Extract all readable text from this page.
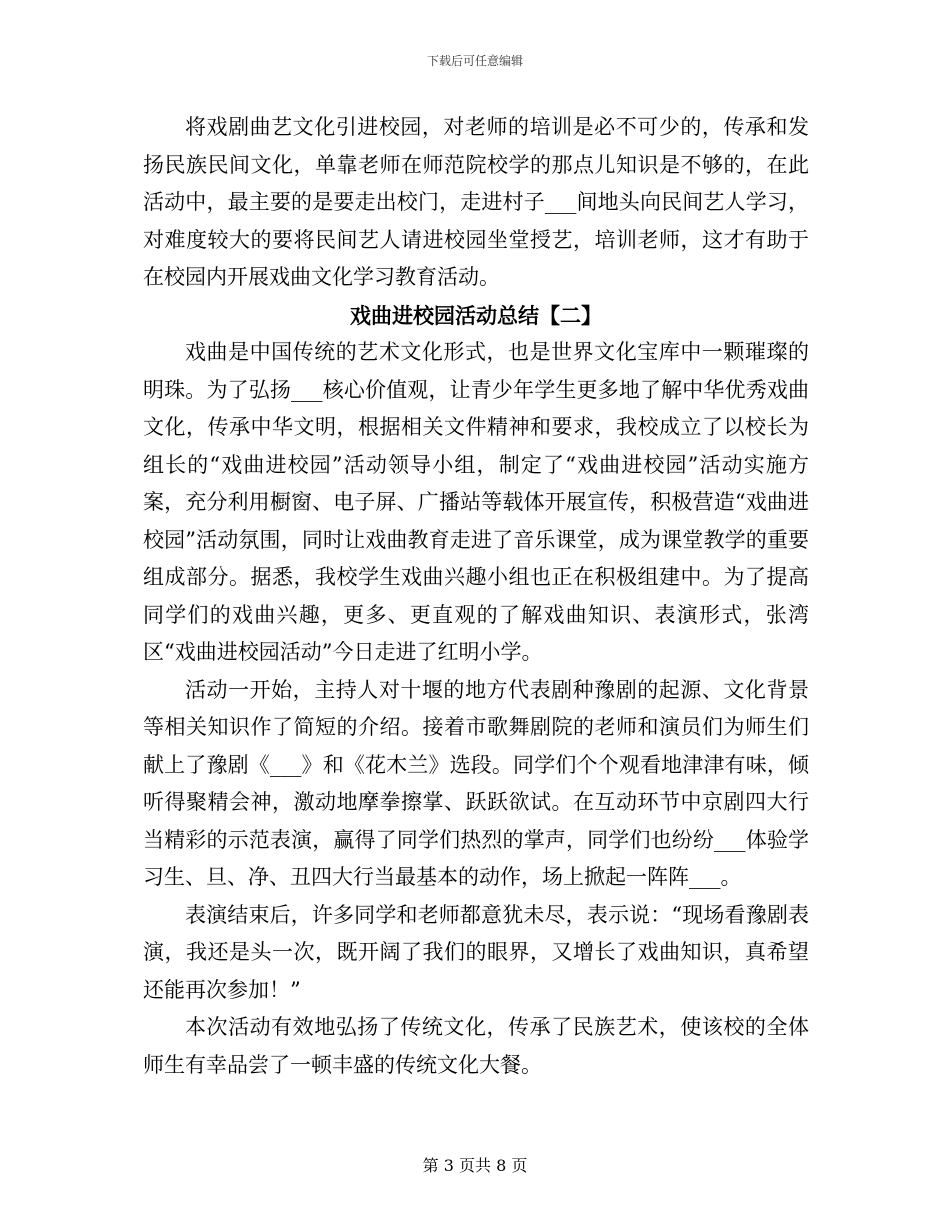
下载后可任意编辑

将戏剧曲艺文化引进校园，对老师的培训是必不可少的，传承和发扬民族民间文化，单靠老师在师范院校学的那点儿知识是不够的，在此活动中，最主要的是要走出校门，走进村子___间地头向民间艺人学习，对难度较大的要将民间艺人请进校园坐堂授艺，培训老师，这才有助于在校园内开展戏曲文化学习教育活动。

戏曲进校园活动总结【二】

戏曲是中国传统的艺术文化形式，也是世界文化宝库中一颗璀璨的明珠。为了弘扬___核心价值观，让青少年学生更多地了解中华优秀戏曲文化，传承中华文明，根据相关文件精神和要求，我校成立了以校长为组长的“戏曲进校园”活动领导小组，制定了“戏曲进校园”活动实施方案，充分利用橱窗、电子屏、广播站等载体开展宣传，积极营造“戏曲进校园”活动氛围，同时让戏曲教育走进了音乐课堂，成为课堂教学的重要组成部分。据悉，我校学生戏曲兴趣小组也正在积极组建中。为了提高同学们的戏曲兴趣，更多、更直观的了解戏曲知识、表演形式，张湾区“戏曲进校园活动”今日走进了红明小学。

活动一开始，主持人对十堰的地方代表剧种豫剧的起源、文化背景等相关知识作了简短的介绍。接着市歌舞剧院的老师和演员们为师生们献上了豫剧《___》和《花木兰》选段。同学们个个观看地津津有味，倾听得聚精会神，激动地摩拳擦掌、跃跃欲试。在互动环节中京剧四大行当精彩的示范表演，赢得了同学们热烈的掌声，同学们也纷纷___体验学习生、旦、净、丑四大行当最基本的动作，场上掀起一阵阵___。

表演结束后，许多同学和老师都意犹未尽，表示说：“现场看豫剧表演，我还是头一次，既开阔了我们的眼界，又增长了戏曲知识，真希望还能再次参加！”

本次活动有效地弘扬了传统文化，传承了民族艺术，使该校的全体师生有幸品尝了一顿丰盛的传统文化大餐。

第 3 页共 8 页
